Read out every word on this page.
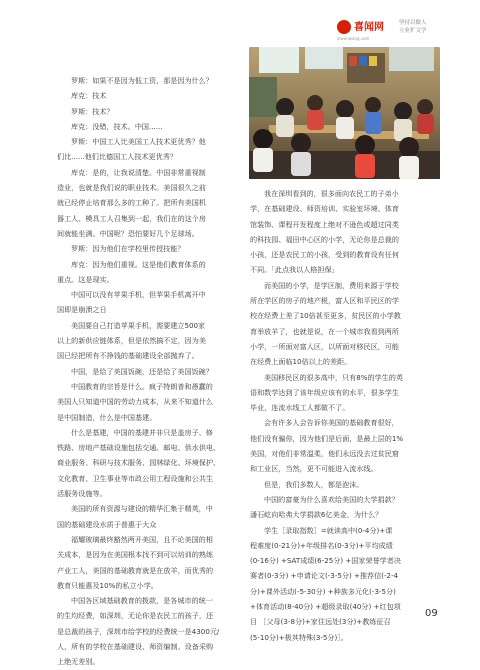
喜闻网
xiwenwang.com
坚持以做人
立业扩文学

罗斯：如果不是因为低工资，那是因为什么？

库克：技术

罗斯：技术？

库克：没错，技术。中国......

罗斯：中国工人比美国工人技术更优秀？他

们比......他们比德国工人技术更优秀？

库克：是的，让我说清楚。中国非常重视制

造业，也就是我们说的职业技术。美国很久之前

就已经停止培育那么多的工种了。把所有美国机

器工人、模具工人召集到一起，我们在的这个房

间就能坐满。中国呢？恐怕要好几个足球场。

罗斯：因为他们在学校里传授技能？

库克：因为他们重视。这是他们教育体系的

重点。这是现实。

中国可以没有苹果手机，但苹果手机离开中

国即是崩溃之日

美国要自己打造苹果手机，需要建立500家

以上的新供应链体系，但是依然搞不定，因为美

国已经把所有不挣钱的基础建设全部抛弃了。

中国，是给了美国饭碗，还是给了美国饭碗？

中国教育的宗旨是什么。疯子特朗普和愚蠢的

美国人只知道中国的劳动力成本，从来不知道什么

是中国制造，什么是中国基建。

什么是基建，中国的基建并非只是盖房子、修

铁路、房地产基础设施包括交通、邮电、供水供电、

商业服务、科研与技术服务、园林绿化、环境保护、

文化教育、卫生事业等市政公用工程设施和公共生

活服务设施等。

美国的所有资源与建设的精华汇集于精英，中

国的基础建设水质于普惠于大众

福耀玻璃最终豁然两开美国，且不论美国的相

关成本，是因为在美国根本找不到可以培训的熟练

产业工人，美国的基础教育就是在放羊，而优秀的

教育只能惠及10%的私立小学。

中国各区域基础教育的拨款，是各城市的统一

的生均经费，如深圳，无论你是农民工的孩子，还

是总裁的孩子，深圳市给学校的经费统一是4300元/

人，所有的学校在基础建设、师资编制、设备采购

上绝无差别。

我在深圳看到的，很多面向农民工的子弟小

学，在基础建设、师资培训、实验室环境、体育

馆装饰、课程开发程度上绝对不逊色或超过同类

的科技园、福田中心区的小学，无论你是总裁的

小孩，还是农民工的小孩，受到的教育设有任何

不同。「此点我以人格担保」

而美国的小学，是学区制，费用来源于学校

所在学区的房子的地产税，富人区和平民区的学

校在经费上差了10倍甚至更多，贫民区的小学教

育举放羊了，也就是说，在一个城市我看到两所

小学，一所面对富人区，以所面对移民区，可能

在经费上面临10倍以上的差距。

美国移民区的很多高中，只有8%的学生的英

语和数学达到了该年级应该有的水平，很多学生

毕业，连流水线工人都做不了。

会有许多人会告诉你美国的基础教育很好，

他们没有骗你，因为他们是后面，是最上层的1%

美国，对他们非常温柔，他们永远没去过贫民窟

和工业区，当然，更不可能进入流水线。

但是，我们多数人，都是泡沫。

中国的富豪为什么喜欢给美国的大学捐款？

潘石屹向哈弗大学捐款6亿美金，为什么？

学生［录取指数］=就读高中(0-4分)+课

程难度(0-21分)+年级排名(0-3分)+平均成绩

(0-16分) +SAT成绩(6-25分) +国家荣誉学者决

赛者(0-3分) +申请论文(-3-5分) +推荐信(-2-4

分)+课外活动(-5-30分) +种族多元化(-3-5分)

+体育活动(8-40分) +超级录取(40分) +红包项

目 ［父母(3-8分)+家住远处(3分)+教练征召

(5-10分)+极其特殊(3-5分)］。

09
